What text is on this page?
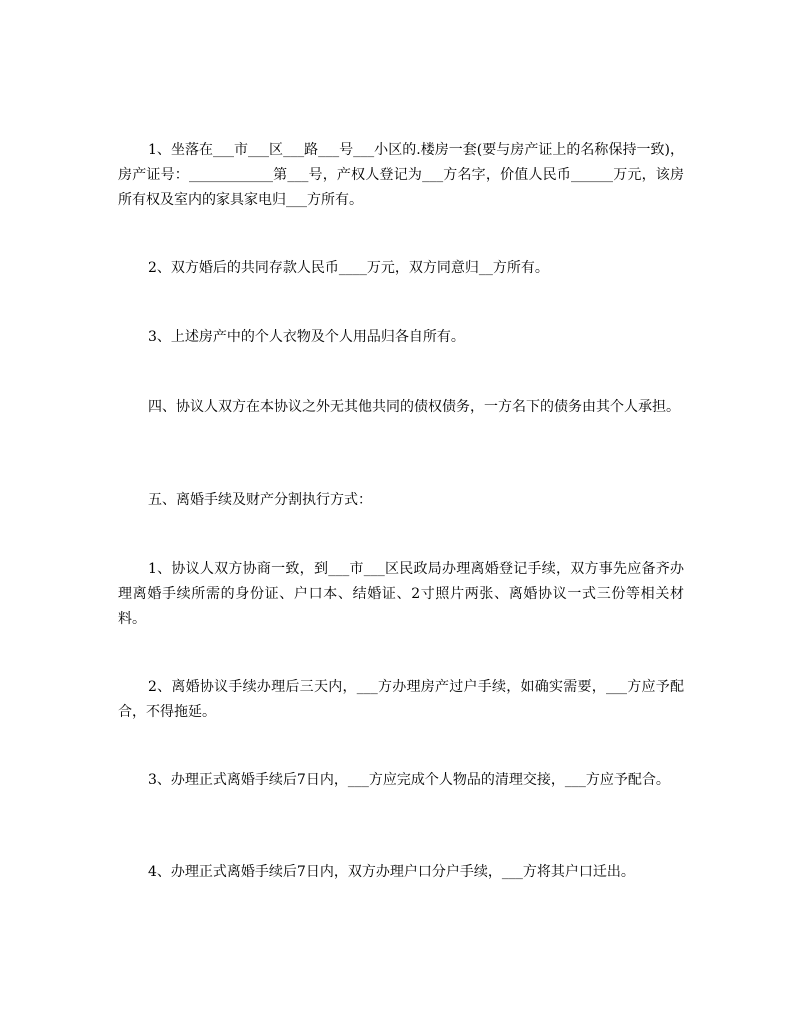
1、坐落在___市___区___路___号___小区的.楼房一套(要与房产证上的名称保持一致)，房产证号：____________第___号，产权人登记为___方名字，价值人民币______万元，该房所有权及室内的家具家电归___方所有。

2、双方婚后的共同存款人民币____万元，双方同意归__方所有。

3、上述房产中的个人衣物及个人用品归各自所有。

四、协议人双方在本协议之外无其他共同的债权债务，一方名下的债务由其个人承担。

五、离婚手续及财产分割执行方式：

1、协议人双方协商一致，到___市___区民政局办理离婚登记手续，双方事先应备齐办理离婚手续所需的身份证、户口本、结婚证、2寸照片两张、离婚协议一式三份等相关材料。

2、离婚协议手续办理后三天内，___方办理房产过户手续，如确实需要，___方应予配合，不得拖延。

3、办理正式离婚手续后7日内，___方应完成个人物品的清理交接，___方应予配合。

4、办理正式离婚手续后7日内，双方办理户口分户手续，___方将其户口迁出。
